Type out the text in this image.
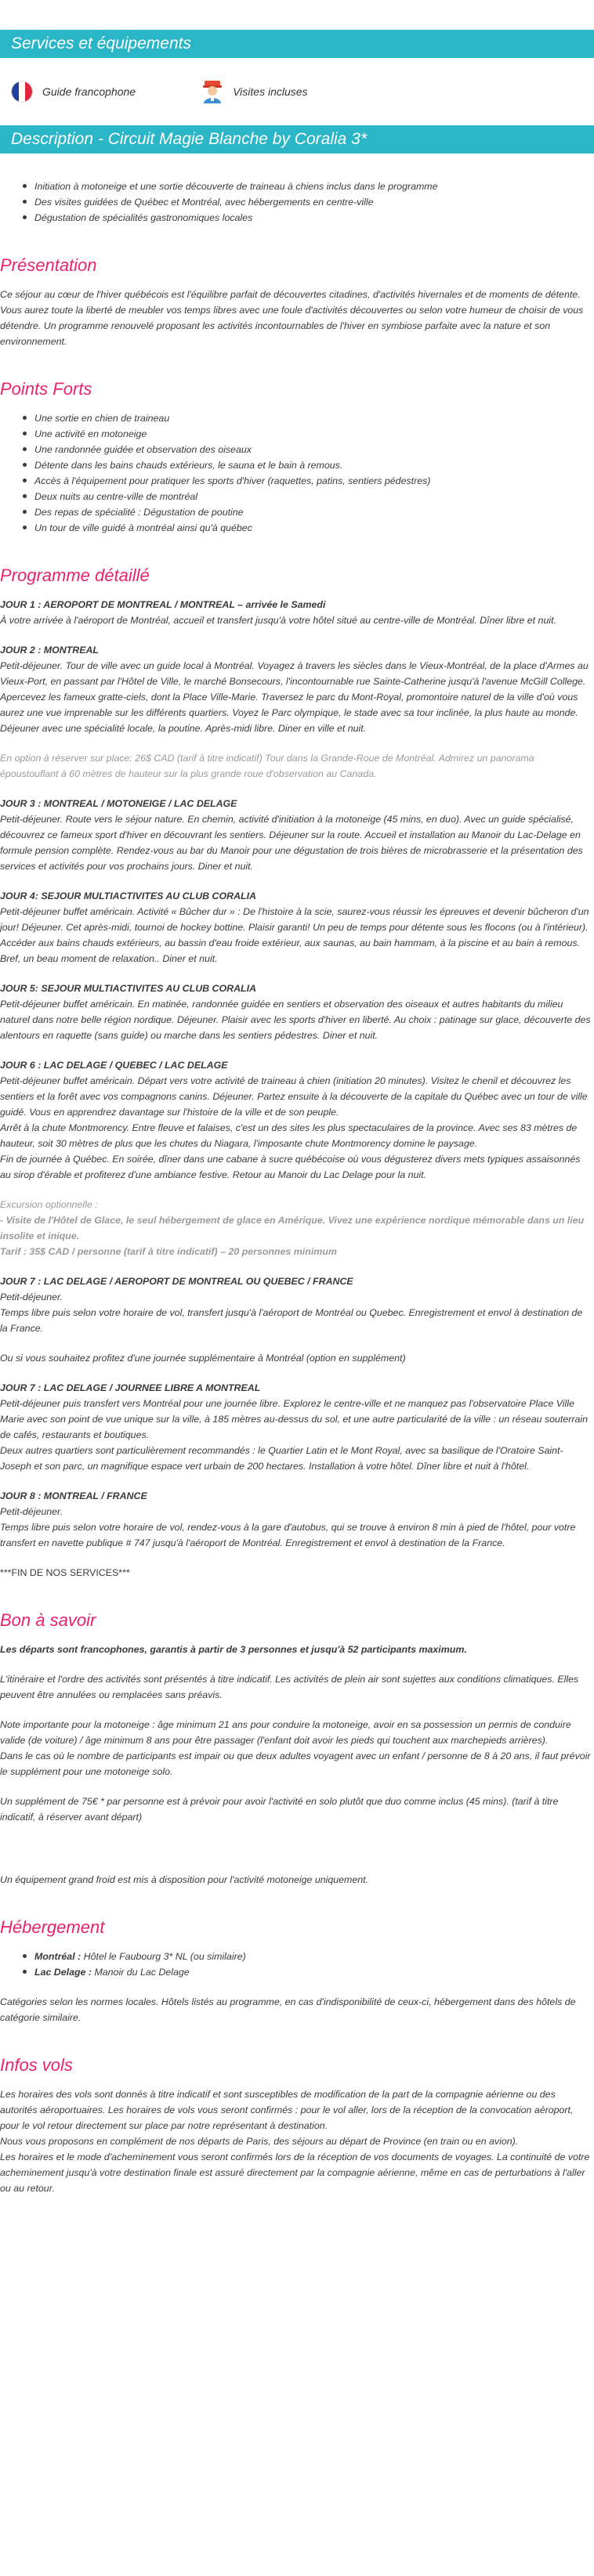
Services et équipements
Guide francophone	Visites incluses
Description - Circuit Magie Blanche by Coralia 3*
Initiation à motoneige et une sortie découverte de traineau à chiens inclus dans le programme
Des visites guidées de Québec et Montréal, avec hébergements en centre-ville
Dégustation de spécialités gastronomiques locales
Présentation

Ce séjour au cœur de l'hiver québécois est l'équilibre parfait de découvertes citadines, d'activités hivernales et de moments de détente. Vous aurez toute la liberté de meubler vos temps libres avec une foule d'activités découvertes ou selon votre humeur de choisir de vous détendre. Un programme renouvelé proposant les activités incontournables de l'hiver en symbiose parfaite avec la nature et son environnement.

Points Forts
Une sortie en chien de traineau
Une activité en motoneige
Une randonnée guidée et observation des oiseaux
Détente dans les bains chauds extérieurs, le sauna et le bain à remous.
Accès à l'équipement pour pratiquer les sports d'hiver (raquettes, patins, sentiers pédestres)
Deux nuits au centre-ville de montréal
Des repas de spécialité : Dégustation de poutine
Un tour de ville guidé à montréal ainsi qu'à québec
Programme détaillé

JOUR 1 : AEROPORT DE MONTREAL / MONTREAL – arrivée le Samedi

À votre arrivée à l'aéroport de Montréal, accueil et transfert jusqu'à votre hôtel situé au centre-ville de Montréal. Dîner libre et nuit.

JOUR 2 : MONTREAL

Petit-déjeuner. Tour de ville avec un guide local à Montréal. Voyagez à travers les siècles dans le Vieux-Montréal, de la place d'Armes au Vieux-Port, en passant par l'Hôtel de Ville, le marché Bonsecours, l'incontournable rue Sainte-Catherine jusqu'à l'avenue McGill College. Apercevez les fameux gratte-ciels, dont la Place Ville-Marie. Traversez le parc du Mont-Royal, promontoire naturel de la ville d'où vous aurez une vue imprenable sur les différents quartiers. Voyez le Parc olympique, le stade avec sa tour inclinée, la plus haute au monde. Déjeuner avec une spécialité locale, la poutine. Après-midi libre. Diner en ville et nuit.

En option à réserver sur place: 26$ CAD (tarif à titre indicatif) Tour dans la Grande-Roue de Montréal. Admirez un panorama époustouflant à 60 mètres de hauteur sur la plus grande roue d'observation au Canada.

JOUR 3 : MONTREAL / MOTONEIGE / LAC DELAGE

Petit-déjeuner. Route vers le séjour nature. En chemin, activité d'initiation à la motoneige (45 mins, en duo). Avec un guide spécialisé, découvrez ce fameux sport d'hiver en découvrant les sentiers. Déjeuner sur la route. Accueil et installation au Manoir du Lac-Delage en formule pension complète. Rendez-vous au bar du Manoir pour une dégustation de trois bières de microbrasserie et la présentation des services et activités pour vos prochains jours. Diner et nuit.

JOUR 4: SEJOUR MULTIACTIVITES AU CLUB CORALIA

Petit-déjeuner buffet américain. Activité « Bûcher dur » : De l'histoire à la scie, saurez-vous réussir les épreuves et devenir bûcheron d'un jour! Déjeuner. Cet après-midi, tournoi de hockey bottine. Plaisir garanti! Un peu de temps pour détente sous les flocons (ou à l'intérieur). Accéder aux bains chauds extérieurs, au bassin d'eau froide extérieur, aux saunas, au bain hammam, à la piscine et au bain à remous. Bref, un beau moment de relaxation.. Diner et nuit.

JOUR 5: SEJOUR MULTIACTIVITES AU CLUB CORALIA

Petit-déjeuner buffet américain. En matinée, randonnée guidée en sentiers et observation des oiseaux et autres habitants du milieu naturel dans notre belle région nordique. Déjeuner. Plaisir avec les sports d'hiver en liberté. Au choix : patinage sur glace, découverte des alentours en raquette (sans guide) ou marche dans les sentiers pédestres. Diner et nuit.

JOUR 6 : LAC DELAGE / QUEBEC / LAC DELAGE

Petit-déjeuner buffet américain. Départ vers votre activité de traineau à chien (initiation 20 minutes). Visitez le chenil et découvrez les sentiers et la forêt avec vos compagnons canins. Déjeuner. Partez ensuite à la découverte de la capitale du Québec avec un tour de ville guidé. Vous en apprendrez davantage sur l'histoire de la ville et de son peuple.

Arrêt à la chute Montmorency. Entre fleuve et falaises, c'est un des sites les plus spectaculaires de la province. Avec ses 83 mètres de hauteur, soit 30 mètres de plus que les chutes du Niagara, l'imposante chute Montmorency domine le paysage.

Fin de journée à Québec. En soirée, dîner dans une cabane à sucre québécoise où vous dégusterez divers mets typiques assaisonnés au sirop d'érable et profiterez d'une ambiance festive. Retour au Manoir du Lac Delage pour la nuit.

Excursion optionnelle :

- Visite de l'Hôtel de Glace, le seul hébergement de glace en Amérique. Vivez une expérience nordique mémorable dans un lieu insolite et inique.

Tarif : 35$ CAD / personne (tarif à titre indicatif) – 20 personnes minimum

JOUR 7 : LAC DELAGE / AEROPORT DE MONTREAL OU QUEBEC / FRANCE

Petit-déjeuner.

Temps libre puis selon votre horaire de vol, transfert jusqu'à l'aéroport de Montréal ou Quebec. Enregistrement et envol à destination de la France.

Ou si vous souhaitez profitez d'une journée supplémentaire à Montréal (option en supplément)

JOUR 7 : LAC DELAGE / JOURNEE LIBRE A MONTREAL

Petit-déjeuner puis transfert vers Montréal pour une journée libre. Explorez le centre-ville et ne manquez pas l'observatoire Place Ville Marie avec son point de vue unique sur la ville, à 185 mètres au-dessus du sol, et une autre particularité de la ville : un réseau souterrain de cafés, restaurants et boutiques.

Deux autres quartiers sont particulièrement recommandés : le Quartier Latin et le Mont Royal, avec sa basilique de l'Oratoire Saint-Joseph et son parc, un magnifique espace vert urbain de 200 hectares. Installation à votre hôtel. Dîner libre et nuit à l'hôtel.

JOUR 8 : MONTREAL / FRANCE

Petit-déjeuner.

Temps libre puis selon votre horaire de vol, rendez-vous à la gare d'autobus, qui se trouve à environ 8 min à pied de l'hôtel, pour votre transfert en navette publique # 747 jusqu'à l'aéroport de Montréal. Enregistrement et envol à destination de la France.

***FIN DE NOS SERVICES***

Bon à savoir

Les départs sont francophones, garantis à partir de 3 personnes et jusqu'à 52 participants maximum.

L'itinéraire et l'ordre des activités sont présentés à titre indicatif. Les activités de plein air sont sujettes aux conditions climatiques. Elles peuvent être annulées ou remplacées sans préavis.

Note importante pour la motoneige : âge minimum 21 ans pour conduire la motoneige, avoir en sa possession un permis de conduire valide (de voiture) / âge minimum 8 ans pour être passager (l'enfant doit avoir les pieds qui touchent aux marchepieds arrières).

Dans le cas où le nombre de participants est impair ou que deux adultes voyagent avec un enfant / personne de 8 à 20 ans, il faut prévoir le supplément pour une motoneige solo.

Un supplément de 75€ * par personne est à prévoir pour avoir l'activité en solo plutôt que duo comme inclus (45 mins). (tarif à titre indicatif, à réserver avant départ)

Un équipement grand froid est mis à disposition pour l'activité motoneige uniquement.

Hébergement
Montréal : Hôtel le Faubourg 3* NL (ou similaire)
Lac Delage : Manoir du Lac Delage

Catégories selon les normes locales. Hôtels listés au programme, en cas d'indisponibilité de ceux-ci, hébergement dans des hôtels de catégorie similaire.

Infos vols

Les horaires des vols sont donnés à titre indicatif et sont susceptibles de modification de la part de la compagnie aérienne ou des autorités aéroportuaires. Les horaires de vols vous seront confirmés : pour le vol aller, lors de la réception de la convocation aéroport, pour le vol retour directement sur place par notre représentant à destination.

Nous vous proposons en complément de nos départs de Paris, des séjours au départ de Province (en train ou en avion).

Les horaires et le mode d'acheminement vous seront confirmés lors de la réception de vos documents de voyages. La continuité de votre acheminement jusqu'à votre destination finale est assuré directement par la compagnie aérienne, même en cas de perturbations à l'aller ou au retour.
